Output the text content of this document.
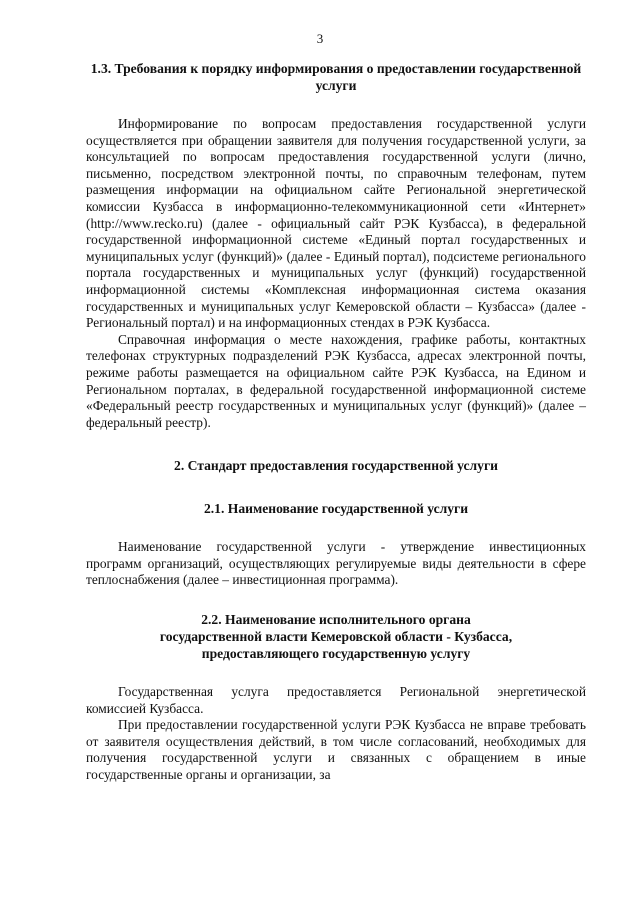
3

1.3. Требования к порядку информирования о предоставлении государственной услуги

Информирование по вопросам предоставления государственной услуги осуществляется при обращении заявителя для получения государственной услуги, за консультацией по вопросам предоставления государственной услуги (лично, письменно, посредством электронной почты, по справочным телефонам, путем размещения информации на официальном сайте Региональной энергетической комиссии Кузбасса в информационно-телекоммуникационной сети «Интернет» (http://www.recko.ru) (далее - официальный сайт РЭК Кузбасса), в федеральной государственной информационной системе «Единый портал государственных и муниципальных услуг (функций)» (далее - Единый портал), подсистеме регионального портала государственных и муниципальных услуг (функций) государственной информационной системы «Комплексная информационная система оказания государственных и муниципальных услуг Кемеровской области – Кузбасса» (далее - Региональный портал) и на информационных стендах в РЭК Кузбасса.

Справочная информация о месте нахождения, графике работы, контактных телефонах структурных подразделений РЭК Кузбасса, адресах электронной почты, режиме работы размещается на официальном сайте РЭК Кузбасса, на Едином и Региональном порталах, в федеральной государственной информационной системе «Федеральный реестр государственных и муниципальных услуг (функций)» (далее – федеральный реестр).

2. Стандарт предоставления государственной услуги

2.1. Наименование государственной услуги

Наименование государственной услуги - утверждение инвестиционных программ организаций, осуществляющих регулируемые виды деятельности в сфере теплоснабжения (далее – инвестиционная программа).

2.2. Наименование исполнительного органа

государственной власти Кемеровской области - Кузбасса,

предоставляющего государственную услугу

Государственная услуга предоставляется Региональной энергетической комиссией Кузбасса.

При предоставлении государственной услуги РЭК Кузбасса не вправе требовать от заявителя осуществления действий, в том числе согласований, необходимых для получения государственной услуги и связанных с обращением в иные государственные органы и организации, за
